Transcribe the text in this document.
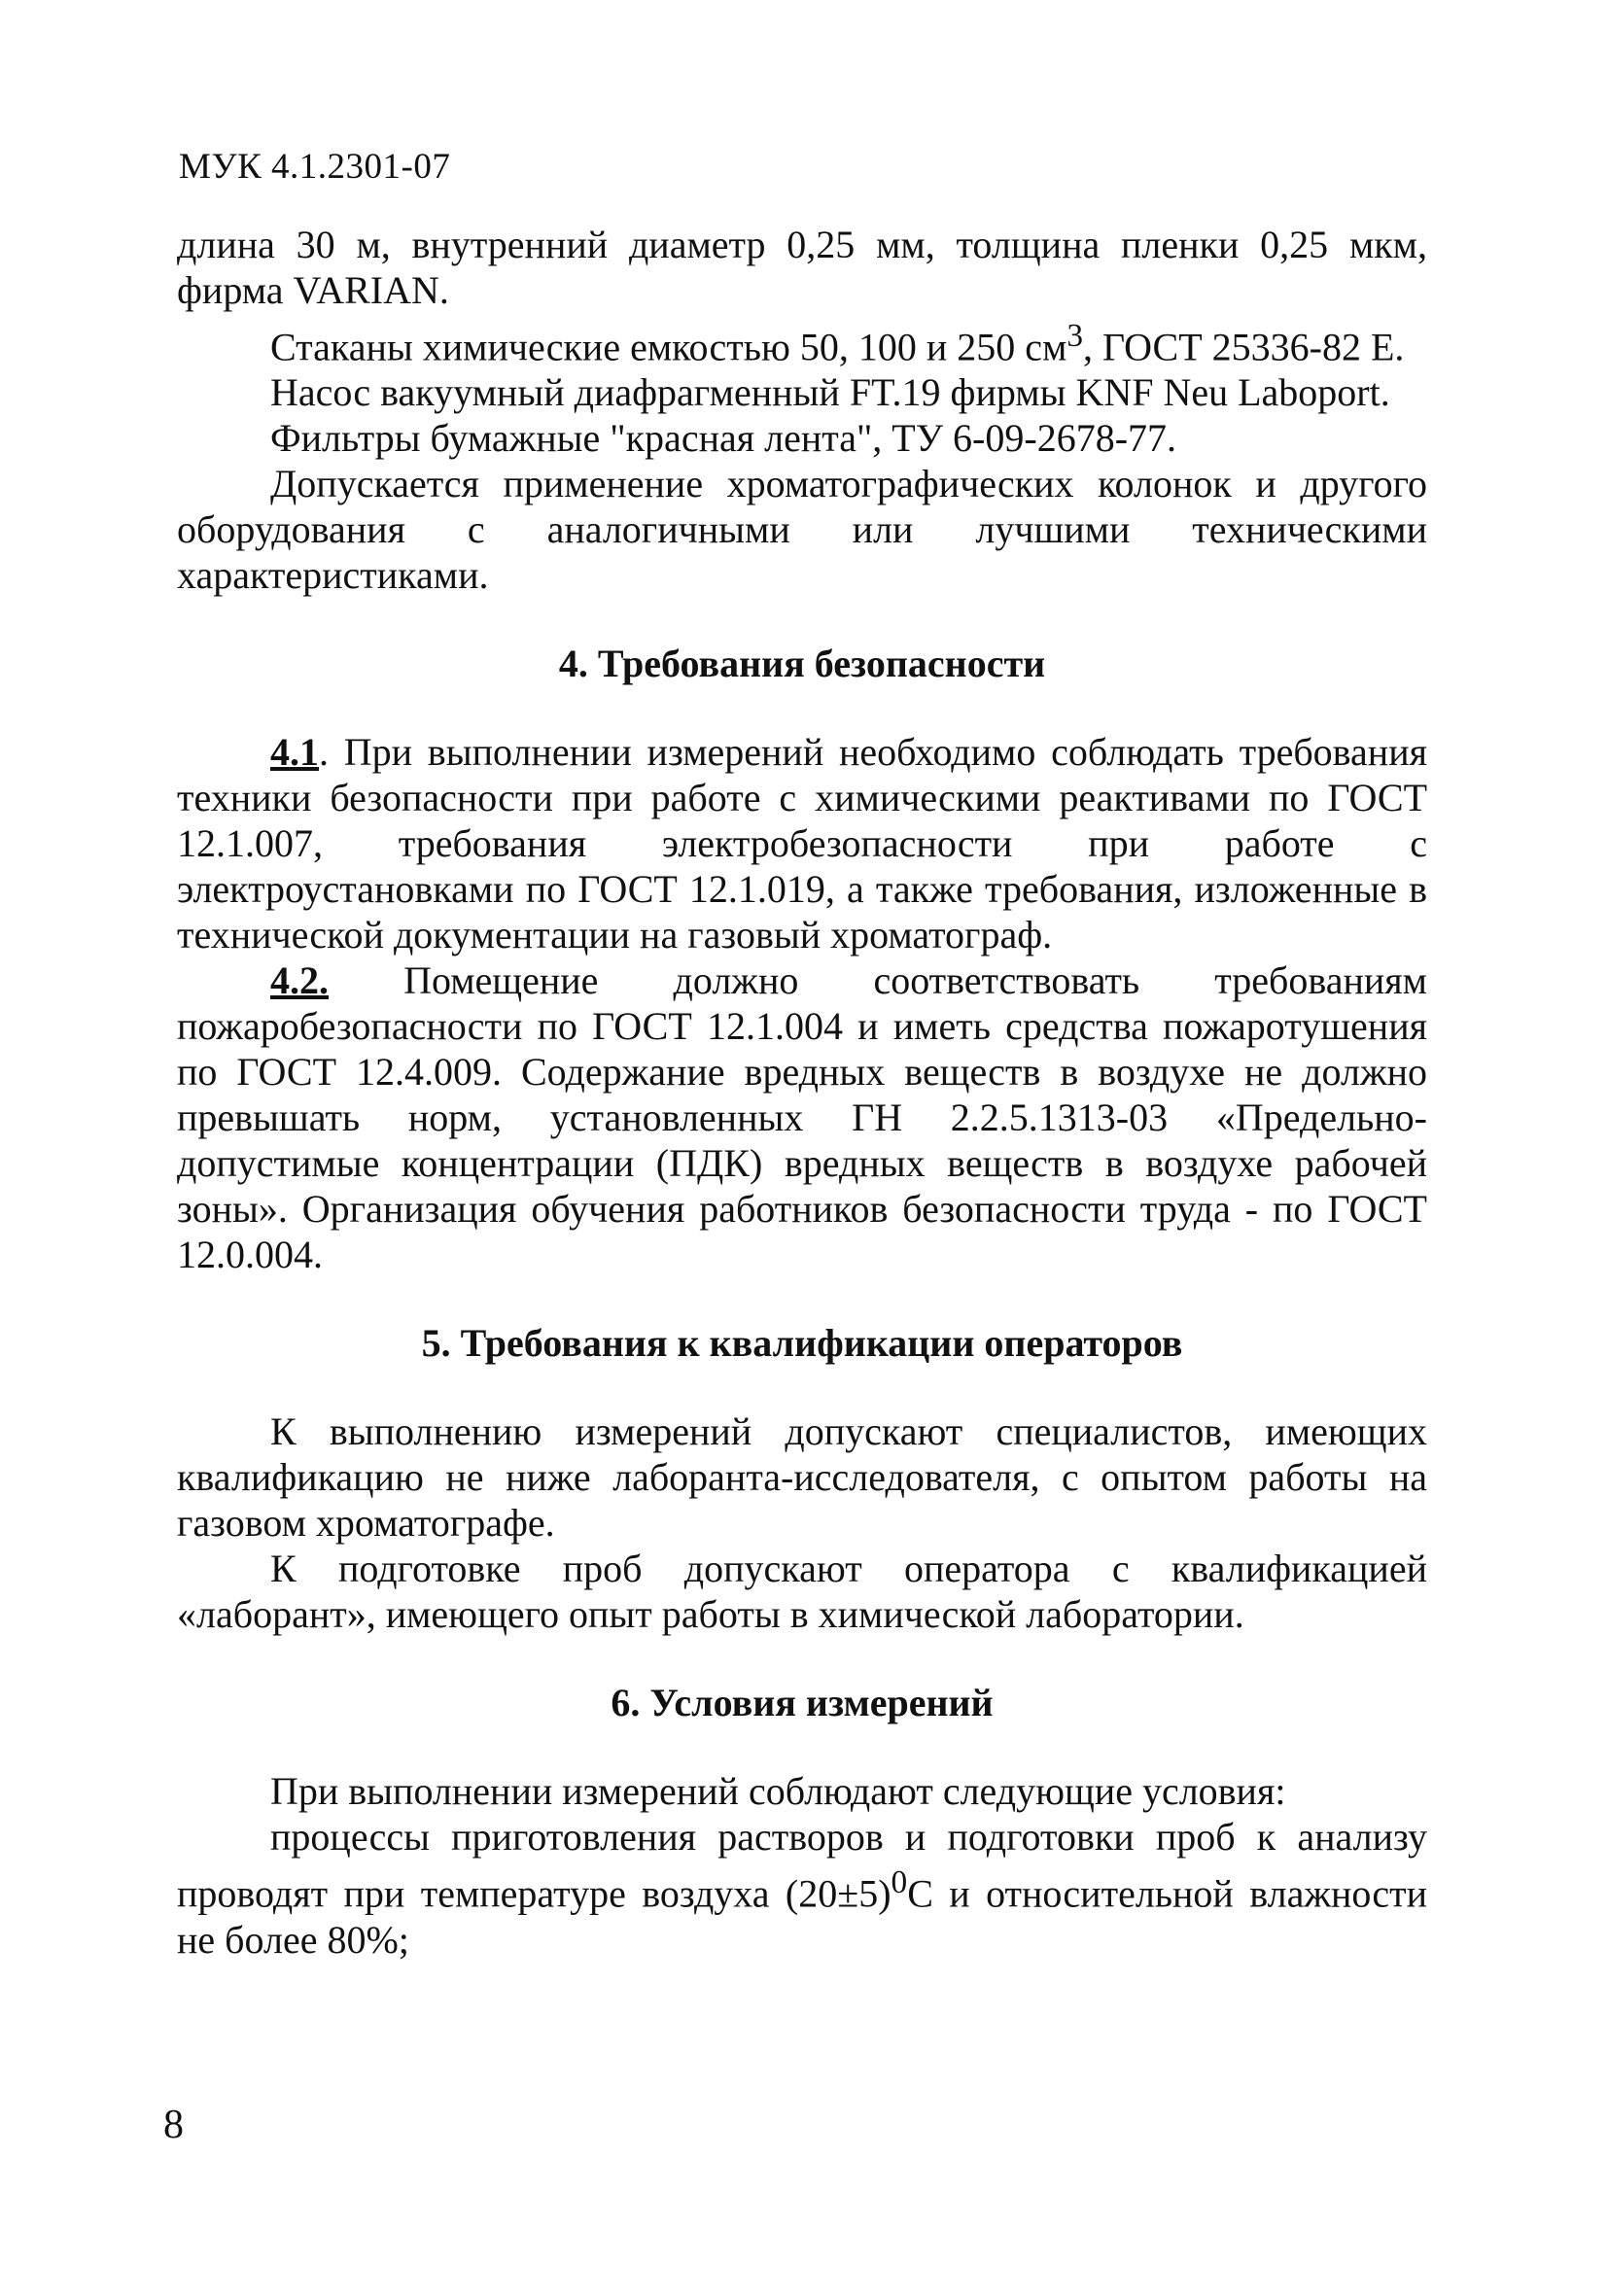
МУК 4.1.2301-07

длина 30 м, внутренний диаметр 0,25 мм, толщина пленки 0,25 мкм, фирма VARIAN.

Стаканы химические емкостью 50, 100 и 250 $см^3$, ГОСТ 25336-82 Е.

Насос вакуумный диафрагменный FT.19 фирмы KNF Neu Laboport.

Фильтры бумажные "красная лента", ТУ 6-09-2678-77.

Допускается применение хроматографических колонок и другого оборудования с аналогичными или лучшими техническими характеристиками.

4. Требования безопасности

4.1. При выполнении измерений необходимо соблюдать требования техники безопасности при работе с химическими реактивами по ГОСТ 12.1.007, требования электробезопасности при работе с электроустановками по ГОСТ 12.1.019, а также требования, изложенные в технической документации на газовый хроматограф.

4.2. Помещение должно соответствовать требованиям пожаробезопасности по ГОСТ 12.1.004 и иметь средства пожаротушения по ГОСТ 12.4.009. Содержание вредных веществ в воздухе не должно превышать норм, установленных ГН 2.2.5.1313-03 «Предельно-допустимые концентрации (ПДК) вредных веществ в воздухе рабочей зоны». Организация обучения работников безопасности труда - по ГОСТ 12.0.004.

5. Требования к квалификации операторов

К выполнению измерений допускают специалистов, имеющих квалификацию не ниже лаборанта-исследователя, с опытом работы на газовом хроматографе.

К подготовке проб допускают оператора с квалификацией «лаборант», имеющего опыт работы в химической лаборатории.

6. Условия измерений

При выполнении измерений соблюдают следующие условия:

процессы приготовления растворов и подготовки проб к анализу проводят при температуре воздуха $(20\pm 5)^0С$ и относительной влажности не более 80%;

8
